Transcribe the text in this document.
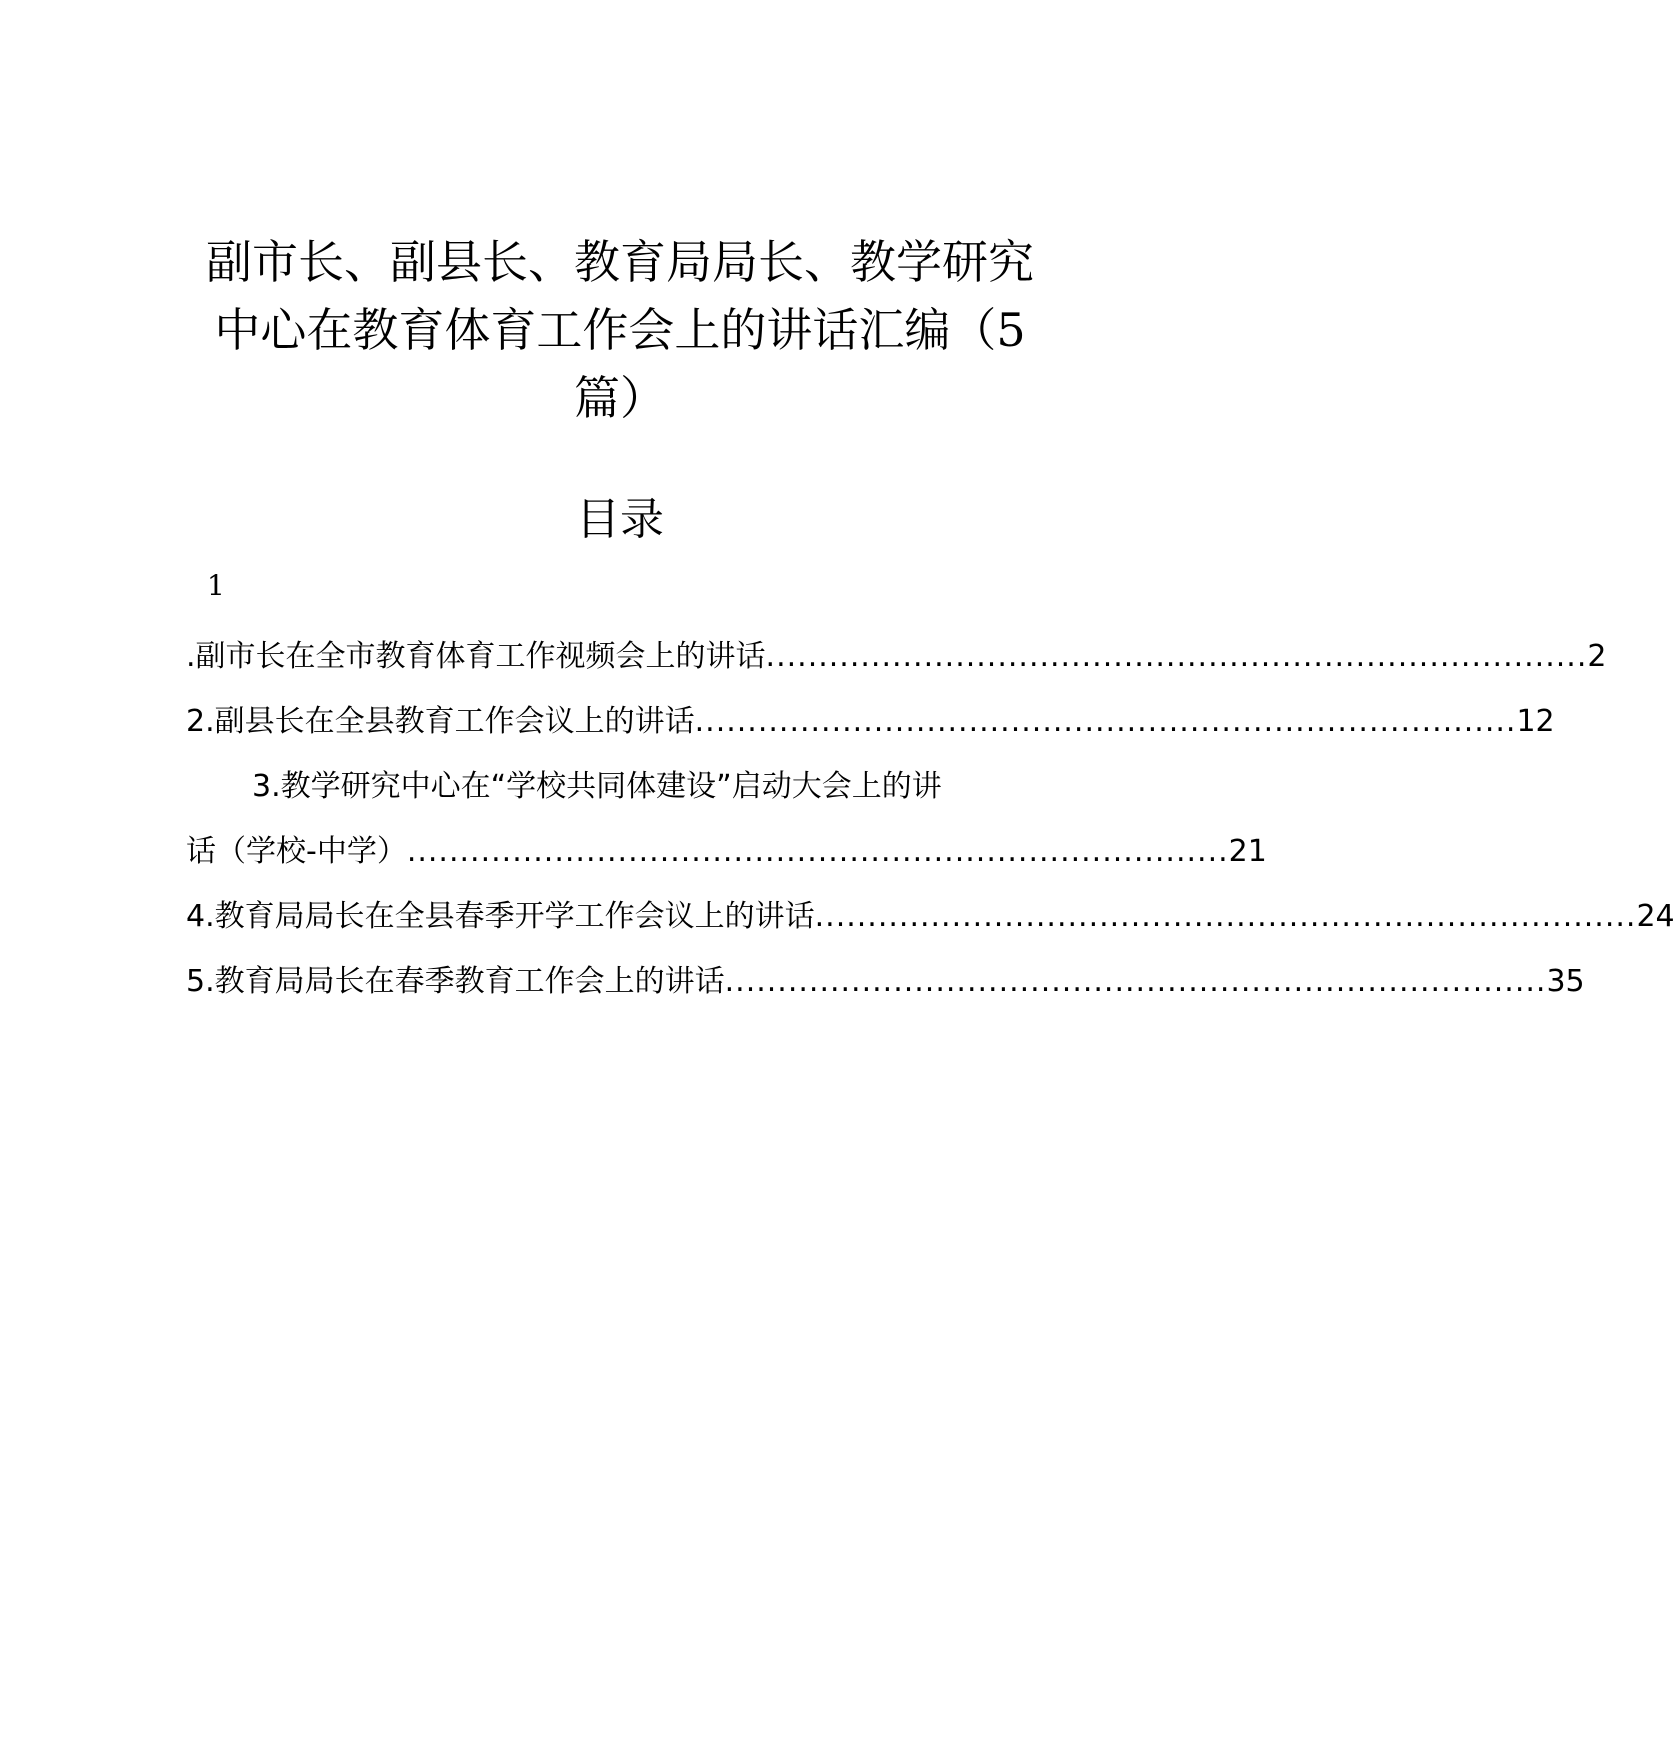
副市长、副县长、教育局局长、教学研究
中心在教育体育工作会上的讲话汇编（5
篇）
目录
1
.副市长在全市教育体育工作视频会上的讲话 .............................................................................. 2
2.副县长在全县教育工作会议上的讲话 .............................................................................. 12
3.教学研究中心在“学校共同体建设”启动大会上的讲
话（学校-中学） .............................................................................. 21
4.教育局局长在全县春季开学工作会议上的讲话 .............................................................................. 24
5.教育局局长在春季教育工作会上的讲话 .............................................................................. 35
